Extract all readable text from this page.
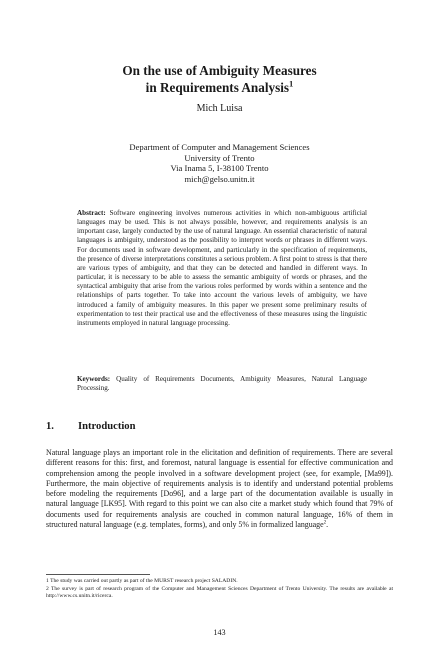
On the use of Ambiguity Measures
in Requirements Analysis$^1$
Mich Luisa
Department of Computer and Management Sciences
University of Trento
Via Inama 5, I-38100 Trento
mich@gelso.unitn.it
Abstract: Software engineering involves numerous activities in which non-ambiguous artificial languages may be used. This is not always possible, however, and requirements analysis is an important case, largely conducted by the use of natural language. An essential characteristic of natural languages is ambiguity, understood as the possibility to interpret words or phrases in different ways. For documents used in software development, and particularly in the specification of requirements, the presence of diverse interpretations constitutes a serious problem. A first point to stress is that there are various types of ambiguity, and that they can be detected and handled in different ways. In particular, it is necessary to be able to assess the semantic ambiguity of words or phrases, and the syntactical ambiguity that arise from the various roles performed by words within a sentence and the relationships of parts together. To take into account the various levels of ambiguity, we have introduced a family of ambiguity measures. In this paper we present some preliminary results of experimentation to test their practical use and the effectiveness of these measures using the linguistic instruments employed in natural language processing.
Keywords: Quality of Requirements Documents, Ambiguity Measures, Natural Language Processing.
1. Introduction
Natural language plays an important role in the elicitation and definition of requirements. There are several different reasons for this: first, and foremost, natural language is essential for effective communication and comprehension among the people involved in a software development project (see, for example, [Ma99]). Furthermore, the main objective of requirements analysis is to identify and understand potential problems before modeling the requirements [Do96], and a large part of the documentation available is usually in natural language [LK95]. With regard to this point we can also cite a market study which found that 79% of documents used for requirements analysis are couched in common natural language, 16% of them in structured natural language (e.g. templates, forms), and only 5% in formalized language$^2$.
1 The study was carried out partly as part of the MURST research project SALADIN.
2 The survey is part of research program of the Computer and Management Sciences Department of Trento University. The results are available at http://www.cs.unitn.it/ricerca.
143
